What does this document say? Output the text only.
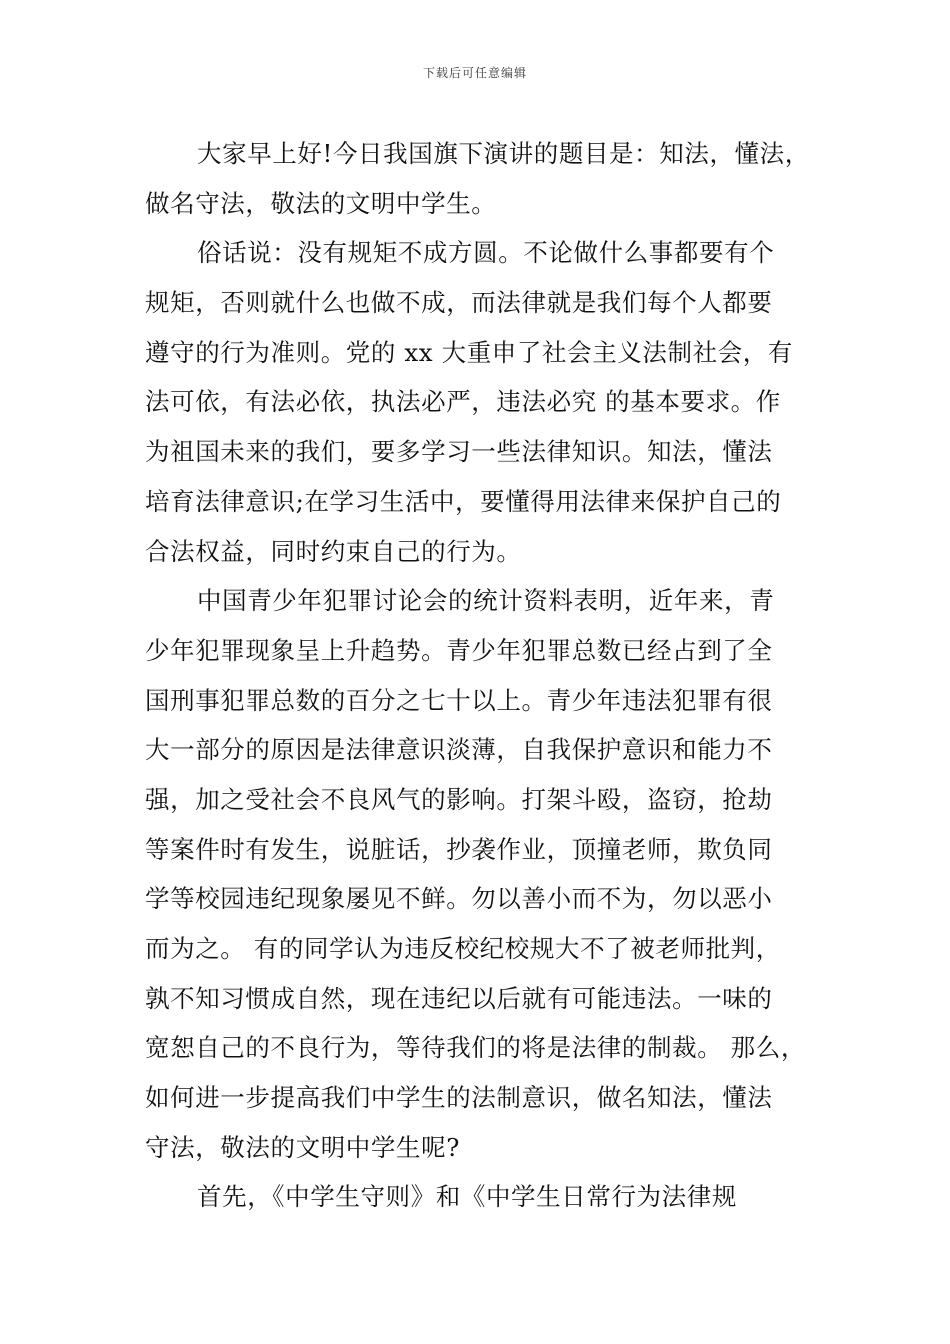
下载后可任意编辑
大家早上好!今日我国旗下演讲的题目是：知法，懂法，
做名守法，敬法的文明中学生。
俗话说：没有规矩不成方圆。不论做什么事都要有个
规矩，否则就什么也做不成，而法律就是我们每个人都要
遵守的行为准则。党的 xx 大重申了社会主义法制社会，有
法可依，有法必依，执法必严，违法必究 的基本要求。作
为祖国未来的我们，要多学习一些法律知识。知法，懂法
培育法律意识;在学习生活中，要懂得用法律来保护自己的
合法权益，同时约束自己的行为。
中国青少年犯罪讨论会的统计资料表明，近年来，青
少年犯罪现象呈上升趋势。青少年犯罪总数已经占到了全
国刑事犯罪总数的百分之七十以上。青少年违法犯罪有很
大一部分的原因是法律意识淡薄，自我保护意识和能力不
强，加之受社会不良风气的影响。打架斗殴，盗窃，抢劫
等案件时有发生，说脏话，抄袭作业，顶撞老师，欺负同
学等校园违纪现象屡见不鲜。勿以善小而不为，勿以恶小
而为之。 有的同学认为违反校纪校规大不了被老师批判，
孰不知习惯成自然，现在违纪以后就有可能违法。一味的
宽恕自己的不良行为，等待我们的将是法律的制裁。 那么，
如何进一步提高我们中学生的法制意识，做名知法，懂法
守法，敬法的文明中学生呢?
首先，《中学生守则》和《中学生日常行为法律规
